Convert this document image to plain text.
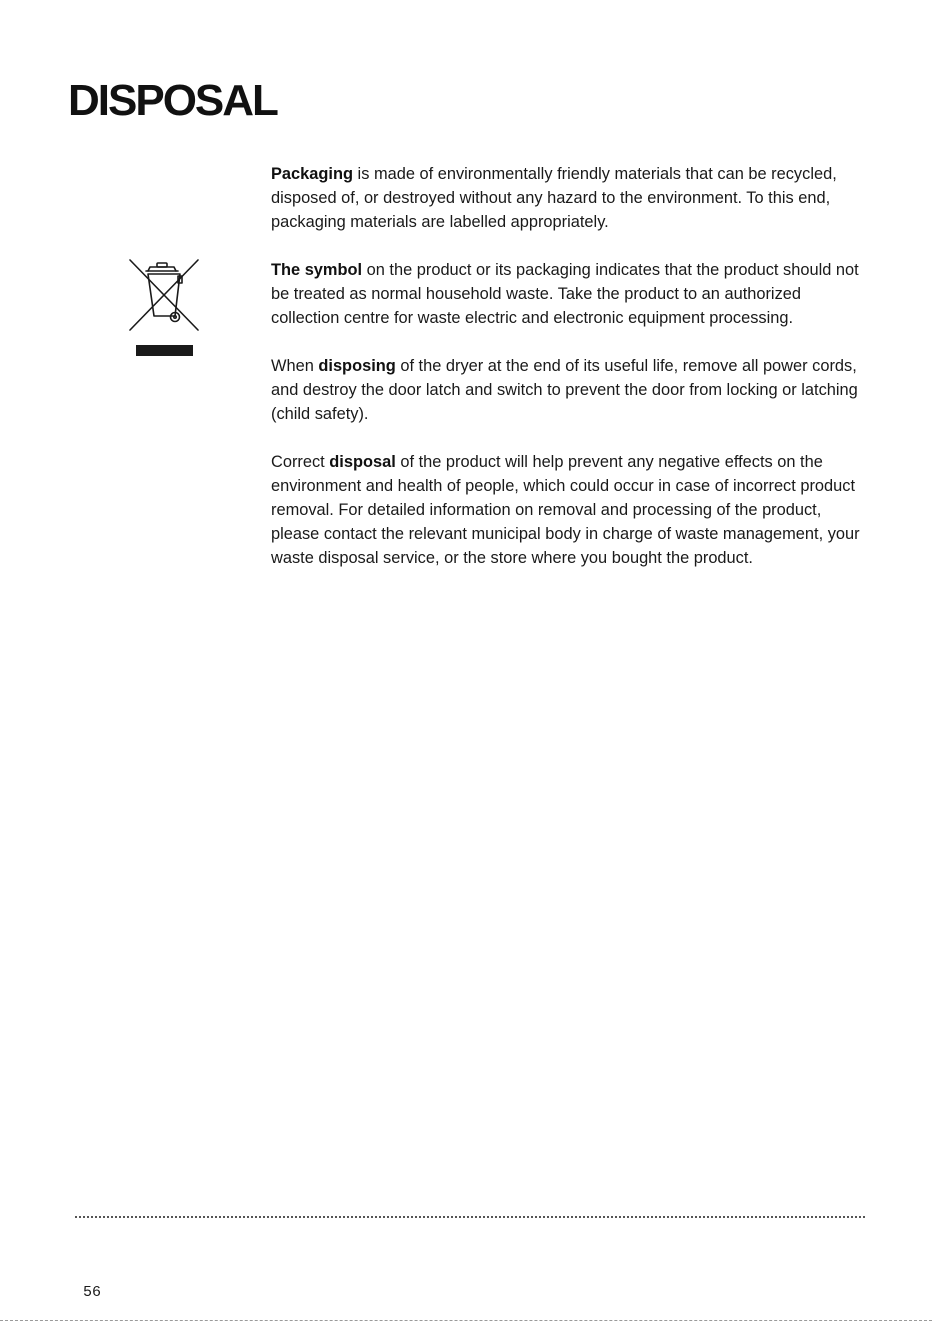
DISPOSAL

Packaging is made of environmentally friendly materials that can be recycled, disposed of, or destroyed without any hazard to the environment. To this end, packaging materials are labelled appropriately.

The symbol on the product or its packaging indicates that the product should not be treated as normal household waste. Take the product to an authorized collection centre for waste electric and electronic equipment processing.

When disposing of the dryer at the end of its useful life, remove all power cords, and destroy the door latch and switch to prevent the door from locking or latching (child safety).

Correct disposal of the product will help prevent any negative effects on the environment and health of people, which could occur in case of incorrect product removal. For detailed information on removal and processing of the product, please contact the relevant municipal body in charge of waste management, your waste disposal service, or the store where you bought the product.

56
